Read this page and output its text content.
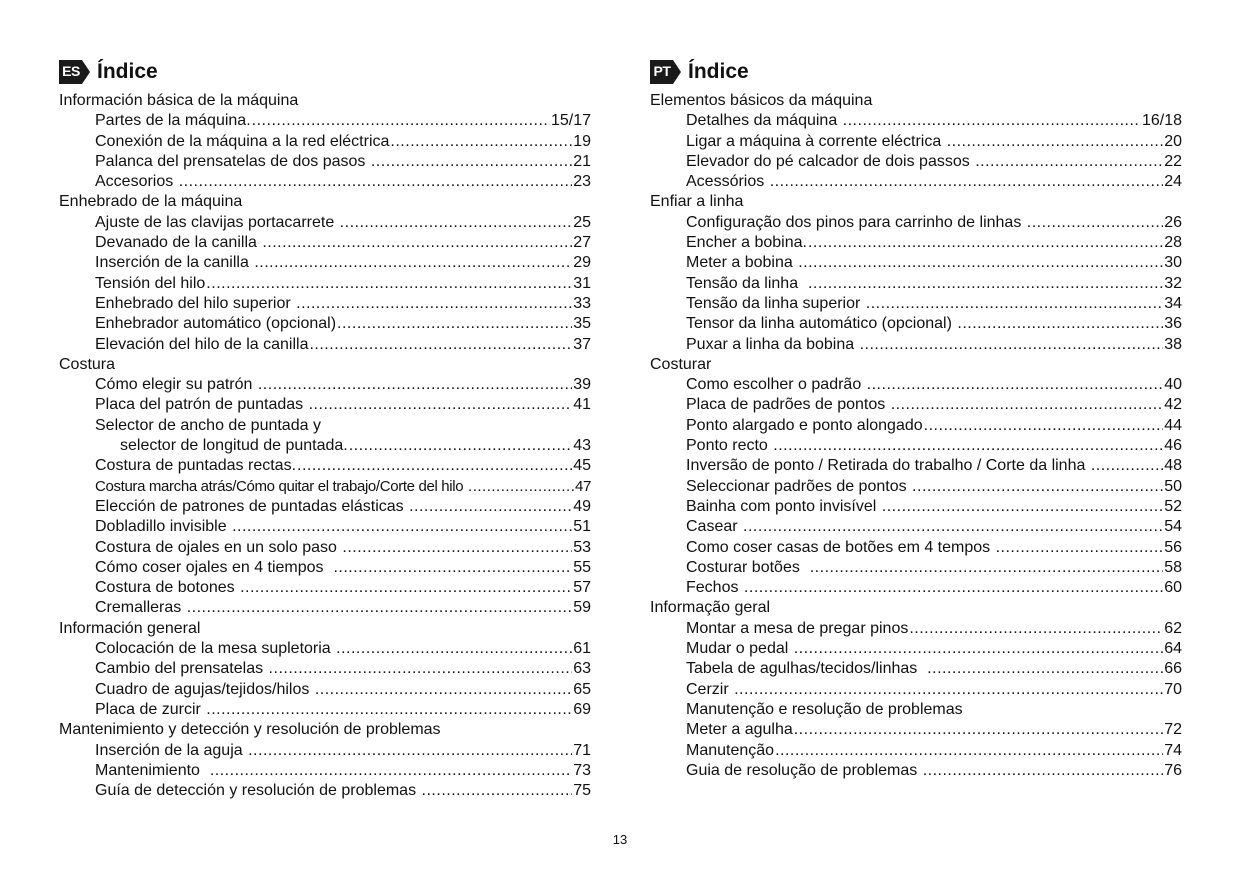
ES Índice
Información básica de la máquina
Partes de la máquina. .....	15/17
Conexión de la máquina a la red eléctrica .....	19
Palanca del prensatelas de dos pasos .....	21
Accesorios .....	23
Enhebrado de la máquina
Ajuste de las clavijas portacarrete .....	25
Devanado de la canilla .....	27
Inserción de la canilla .....	29
Tensión del hilo .....	31
Enhebrado del hilo superior .....	33
Enhebrador automático (opcional) .....	35
Elevación del hilo de la canilla .....	37
Costura
Cómo elegir su patrón .....	39
Placa del patrón de puntadas .....	41
Selector de ancho de puntada y
selector de longitud de puntada. .....	43
Costura de puntadas rectas. .....	45
Costura marcha atrás/Cómo quitar el trabajo/Corte del hilo .....	47
Elección de patrones de puntadas elásticas .....	49
Dobladillo invisible .....	51
Costura de ojales en un solo paso .....	53
Cómo coser ojales en 4 tiempos .....	55
Costura de botones .....	57
Cremalleras .....	59
Información general
Colocación de la mesa supletoria .....	61
Cambio del prensatelas .....	63
Cuadro de agujas/tejidos/hilos .....	65
Placa de zurcir .....	69
Mantenimiento y detección y resolución de problemas
Inserción de la aguja .....	71
Mantenimiento .....	73
Guía de detección y resolución de problemas .....	75
PT Índice
Elementos básicos da máquina
Detalhes da máquina .....	16/18
Ligar a máquina à corrente eléctrica .....	20
Elevador do pé calcador de dois passos .....	22
Acessórios .....	24
Enfiar a linha
Configuração dos pinos para carrinho de linhas .....	26
Encher a bobina. .....	28
Meter a bobina .....	30
Tensão da linha .....	32
Tensão da linha superior .....	34
Tensor da linha automático (opcional) .....	36
Puxar a linha da bobina .....	38
Costurar
Como escolher o padrão .....	40
Placa de padrões de pontos .....	42
Ponto alargado e ponto alongado .....	44
Ponto recto .....	46
Inversão de ponto / Retirada do trabalho / Corte da linha .....	48
Seleccionar padrões de pontos .....	50
Bainha com ponto invisível .....	52
Casear .....	54
Como coser casas de botões em 4 tempos .....	56
Costurar botões .....	58
Fechos .....	60
Informação geral
Montar a mesa de pregar pinos .....	62
Mudar o pedal .....	64
Tabela de agulhas/tecidos/linhas .....	66
Cerzir .....	70
Manutenção e resolução de problemas
Meter a agulha .....	72
Manutenção .....	74
Guia de resolução de problemas .....	76
13
